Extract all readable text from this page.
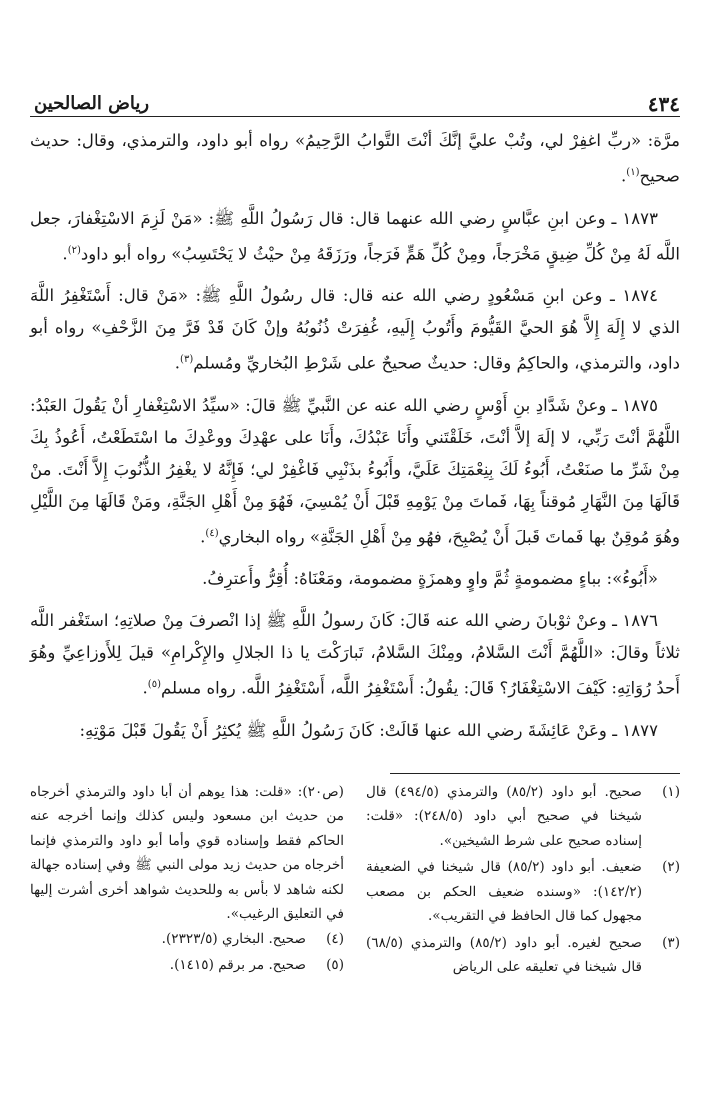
٤٣٤
رياض الصالحين

مرَّة: «ربِّ اغفِرْ لي، وتُبْ عليَّ إنَّكَ أنْتَ التَّوابُ الرَّحِيمُ» رواه أبو داود، والترمذي، وقال: حديث صحيح$^{(١)}$.

١٨٧٣ ـ وعن ابنِ عبَّاسٍ رضي الله عنهما قال: قال رَسُولُ اللَّهِ ﷺ: «مَنْ لَزِمَ الاسْتِغْفارَ، جعل اللَّه لَهُ مِنْ كُلِّ ضِيقٍ مَخْرَجاً، ومِنْ كُلِّ هَمٍّ فَرَجاً، ورَزَقَهُ مِنْ حيْثُ لا يَحْتَسِبُ» رواه أبو داود$^{(٢)}$.

١٨٧٤ ـ وعن ابنِ مَسْعُودٍ رضي الله عنه قال: قال رسُولُ اللَّهِ ﷺ: «مَنْ قال: أَسْتَغْفِرُ اللَّهَ الذي لا إِلَهَ إِلاَّ هُوَ الحيَّ القَيُّومَ وأَتُوبُ إِلَيهِ، غُفِرَتْ ذُنُوبُهُ وإنْ كَانَ قَدْ فَرَّ مِنَ الزَّحْفِ» رواه أبو داود، والترمذي، والحاكِمُ وقال: حديثٌ صحيحٌ على شَرْطِ البُخاريِّ ومُسلم$^{(٣)}$.

١٨٧٥ ـ وعنْ شَدَّادِ بنِ أَوْسٍ رضي الله عنه عن النَّبيِّ ﷺ قالَ: «سيِّدُ الاسْتِغْفارِ أنْ يَقُولَ العَبْدُ: اللَّهُمَّ أنْتَ رَبِّي، لا إلَهَ إلاَّ أنْتَ، خَلَقْتَني وأَنَا عَبْدُكَ، وأَنَا على عهْدِكَ ووعْدِكَ ما اسْتَطَعْتُ، أَعُوذُ بِكَ مِنْ شَرِّ ما صنَعْتُ، أَبُوءُ لَكَ بِنِعْمَتِكَ عَلَيَّ، وأَبُوءُ بذَنْبِي فَاغْفِرْ لي؛ فَإِنَّهُ لا يغْفِرُ الذُّنُوبَ إِلاَّ أَنْتَ. منْ قَالَهَا مِنَ النَّهَارِ مُوقناً بِهَا، فَماتَ مِنْ يَوْمِهِ قَبْلَ أَنْ يُمْسِيَ، فَهُوَ مِنْ أَهْلِ الجَنَّةِ، ومَنْ قَالَهَا مِنَ اللَّيْلِ وهُوَ مُوقِنٌ بها فَماتَ قَبلَ أَنْ يُصْبِحَ، فهُو مِنْ أَهْلِ الجَنَّةِ» رواه البخاري$^{(٤)}$.

«أَبُوءُ»: بباءٍ مضمومةٍ ثُمَّ واوٍ وهمزَةٍ مضمومة، ومَعْنَاهُ: أُقِرُّ وأَعترِفُ.

١٨٧٦ ـ وعنْ ثوْبانَ رضي الله عنه قَالَ: كَانَ رسولُ اللَّهِ ﷺ إذا انْصرفَ مِنْ صلاتِهِ؛ استَغْفر اللَّه ثلاثاً وقالَ: «اللَّهُمَّ أَنْتَ السَّلامُ، ومِنْكَ السَّلامُ، تَبارَكْتَ يا ذا الجلالِ والإِكْرامِ» قيلَ لِلأَوزاعِيِّ وهُوَ أَحدُ رُوَاتِهِ: كَيْفَ الاسْتِغْفَارُ؟ قَالَ: يقُولُ: أَسْتَغْفِرُ اللَّه، أَسْتَغْفِرُ اللَّه. رواه مسلم$^{(٥)}$.

١٨٧٧ ـ وعَنْ عَائِشَةَ رضي الله عنها قَالَتْ: كَانَ رَسُولُ اللَّهِ ﷺ يُكثِرُ أَنْ يَقُولَ قَبْلَ مَوْتِهِ:

(١)
صحيح. أبو داود (٨٥/٢) والترمذي (٤٩٤/٥) قال شيخنا في صحيح أبي داود (٢٤٨/٥): «قلت: إسناده صحيح على شرط الشيخين».
(٢)
ضعيف. أبو داود (٨٥/٢) قال شيخنا في الضعيفة (١٤٢/٢): «وسنده ضعيف الحكم بن مصعب مجهول كما قال الحافظ في التقريب».
(٣)
صحيح لغيره. أبو داود (٨٥/٢) والترمذي (٦٨/٥) قال شيخنا في تعليقه على الرياض
(ص٢٠): «قلت: هذا يوهم أن أبا داود والترمذي أخرجاه من حديث ابن مسعود وليس كذلك وإنما أخرجه عنه الحاكم فقط وإسناده قوي وأما أبو داود والترمذي فإنما أخرجاه من حديث زيد مولى النبي ﷺ وفي إسناده جهالة لكنه شاهد لا بأس به وللحديث شواهد أخرى أشرت إليها في التعليق الرغيب».
(٤)
صحيح. البخاري (٢٣٢٣/٥).
(٥)
صحيح. مر برقم (١٤١٥).
